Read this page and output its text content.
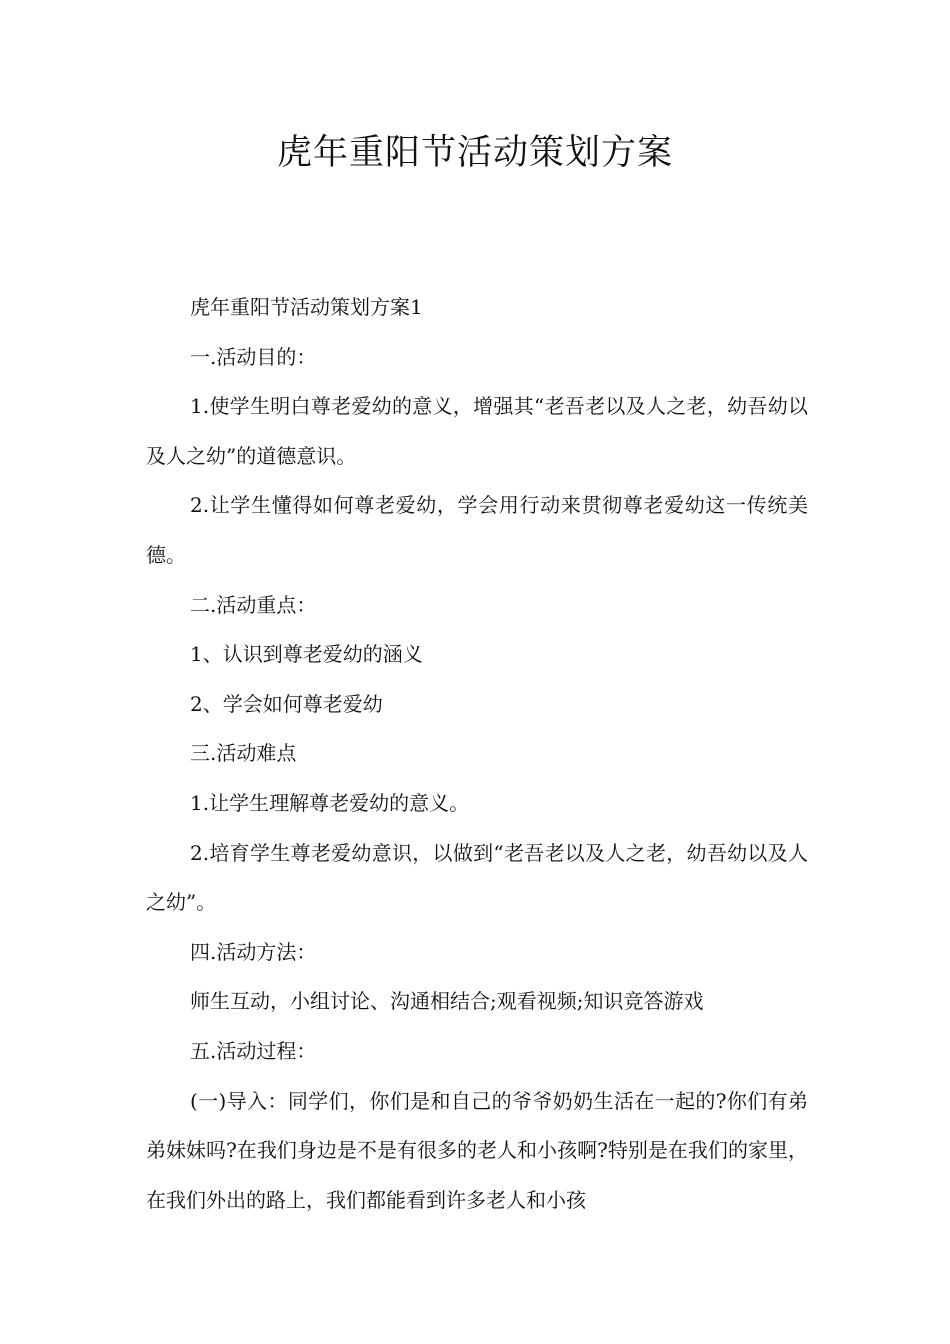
虎年重阳节活动策划方案

虎年重阳节活动策划方案1

一.活动目的：

1.使学生明白尊老爱幼的意义，增强其“老吾老以及人之老，幼吾幼以及人之幼”的道德意识。

2.让学生懂得如何尊老爱幼，学会用行动来贯彻尊老爱幼这一传统美德。

二.活动重点：

1、认识到尊老爱幼的涵义

2、学会如何尊老爱幼

三.活动难点

1.让学生理解尊老爱幼的意义。

2.培育学生尊老爱幼意识，以做到“老吾老以及人之老，幼吾幼以及人之幼”。

四.活动方法：

师生互动，小组讨论、沟通相结合;观看视频;知识竞答游戏

五.活动过程：

(一)导入：同学们，你们是和自己的爷爷奶奶生活在一起的?你们有弟弟妹妹吗?在我们身边是不是有很多的老人和小孩啊?特别是在我们的家里，在我们外出的路上，我们都能看到许多老人和小孩
